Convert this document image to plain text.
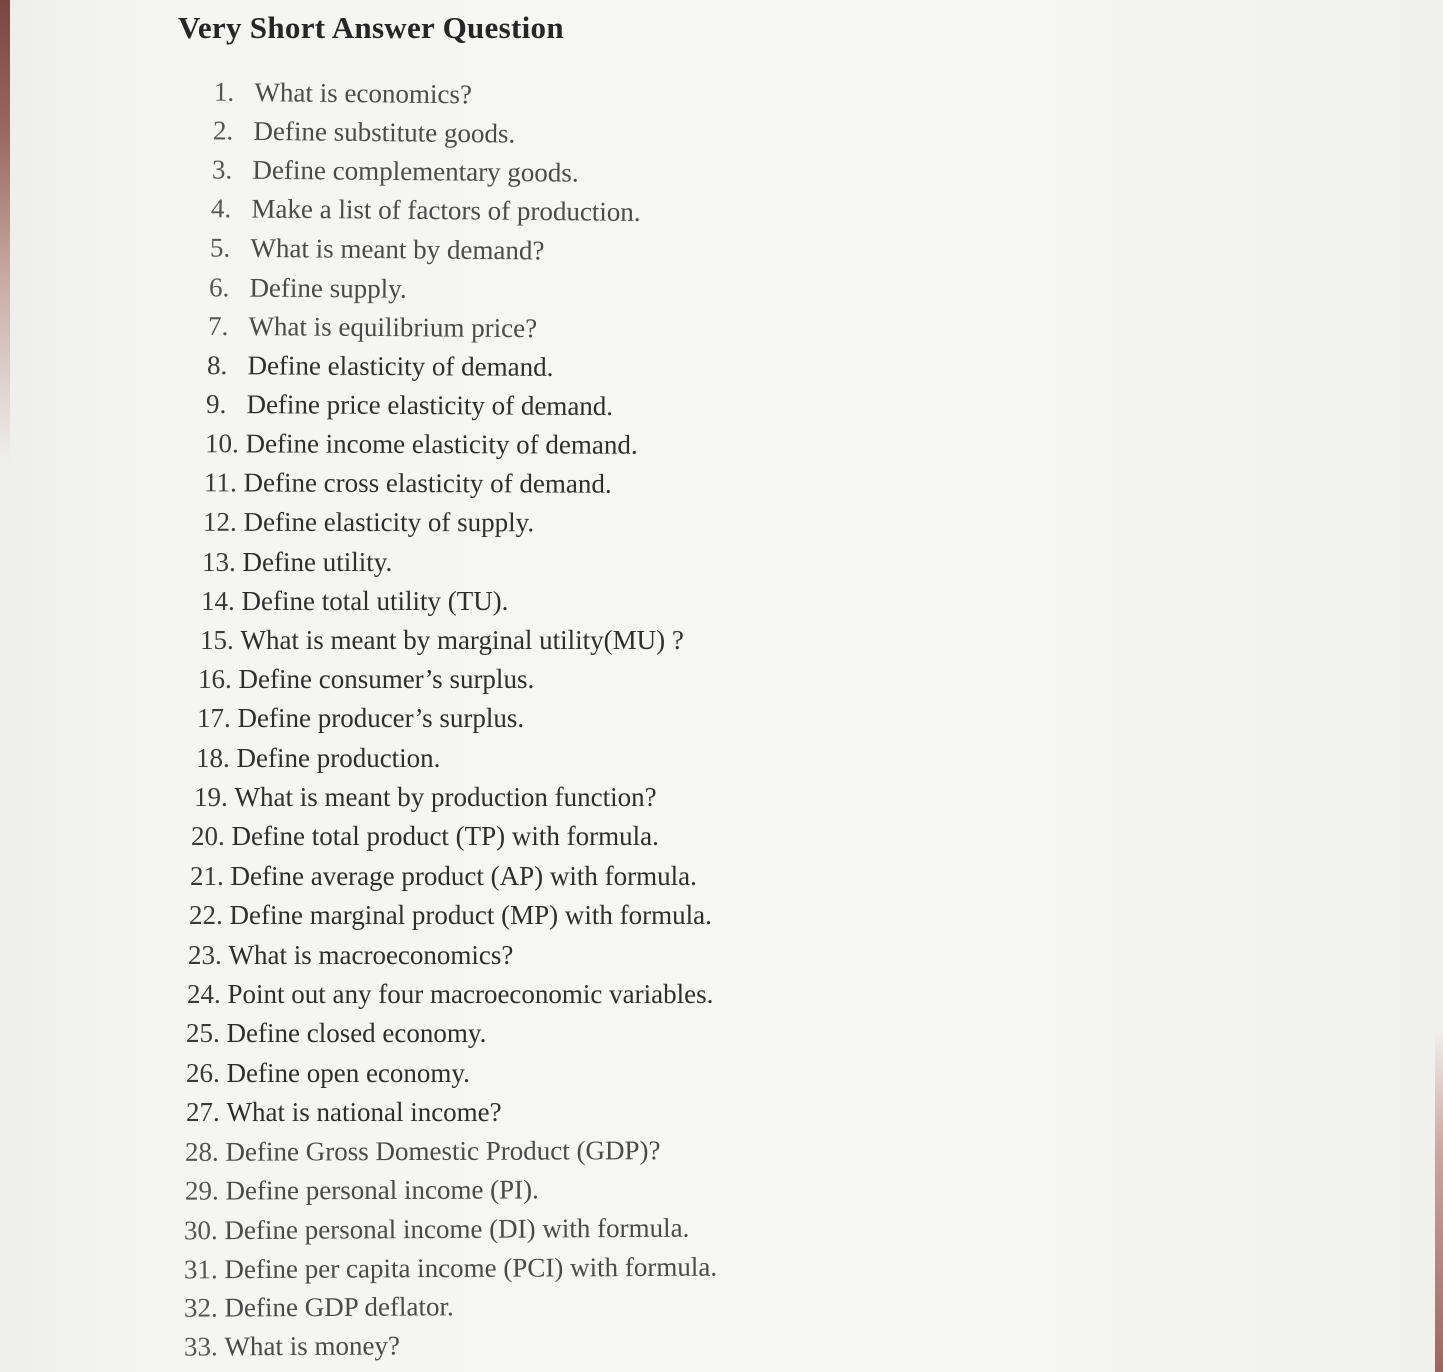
Very Short Answer Question
1. What is economics?
2. Define substitute goods.
3. Define complementary goods.
4. Make a list of factors of production.
5. What is meant by demand?
6. Define supply.
7. What is equilibrium price?
8. Define elasticity of demand.
9. Define price elasticity of demand.
10. Define income elasticity of demand.
11. Define cross elasticity of demand.
12. Define elasticity of supply.
13. Define utility.
14. Define total utility (TU).
15. What is meant by marginal utility(MU) ?
16. Define consumer’s surplus.
17. Define producer’s surplus.
18. Define production.
19. What is meant by production function?
20. Define total product (TP) with formula.
21. Define average product (AP) with formula.
22. Define marginal product (MP) with formula.
23. What is macroeconomics?
24. Point out any four macroeconomic variables.
25. Define closed economy.
26. Define open economy.
27. What is national income?
28. Define Gross Domestic Product (GDP)?
29. Define personal income (PI).
30. Define personal income (DI) with formula.
31. Define per capita income (PCI) with formula.
32. Define GDP deflator.
33. What is money?
